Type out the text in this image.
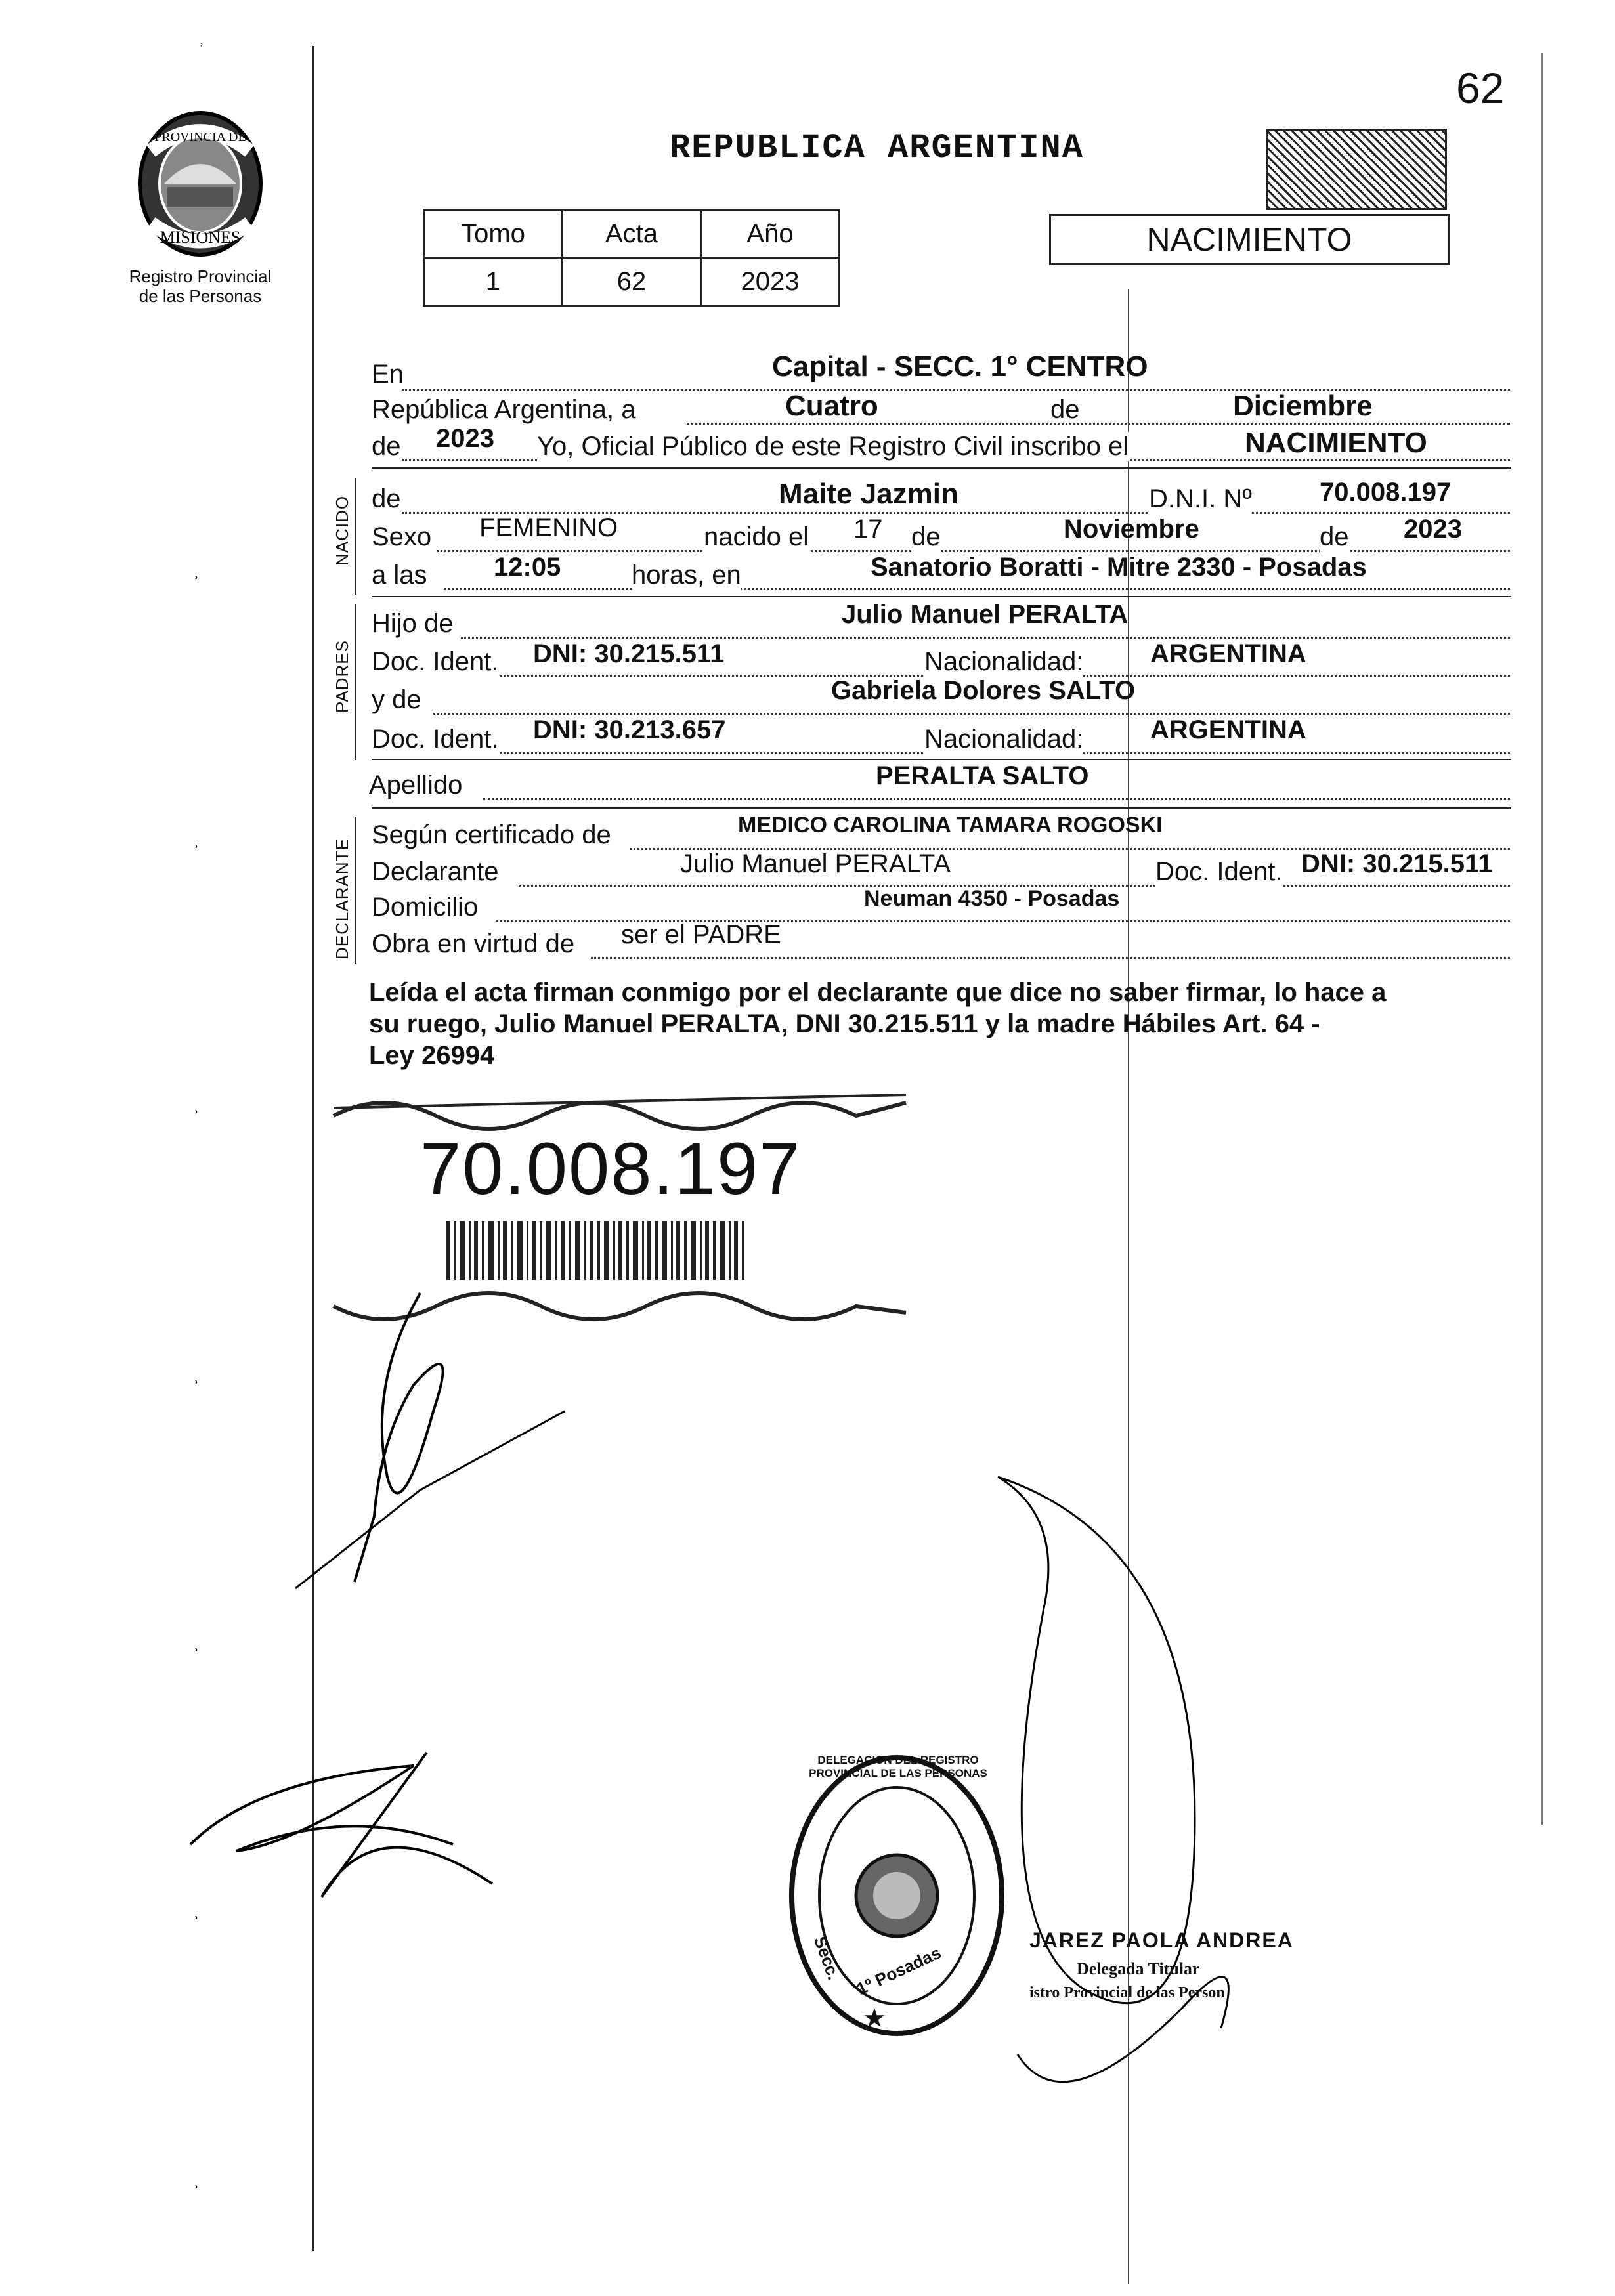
62
PROVINCIA DE
MISIONES
Registro Provincial
de las Personas
REPUBLICA ARGENTINA
Tomo	Acta	Año
1	62	2023
NACIMIENTO
En	Capital - SECC. 1° CENTRO
República Argentina, a	Cuatro	de	Diciembre
de 2023 Yo, Oficial Público de este Registro Civil inscribo el	NACIMIENTO
NACIDO de	Maite Jazmin	D.N.I. Nº	70.008.197
Sexo FEMENINO	nacido el 17 de	Noviembre	de 2023
a las	12:05	horas, en	Sanatorio Boratti - Mitre 2330 - Posadas
PADRES
Hijo de	Julio Manuel PERALTA
Doc. Ident. DNI: 30.215.511	Nacionalidad:	ARGENTINA
y de	Gabriela Dolores SALTO
Doc. Ident. DNI: 30.213.657	Nacionalidad:	ARGENTINA
Apellido	PERALTA SALTO
DECLARANTE
Según certificado de	MEDICO CAROLINA TAMARA ROGOSKI
Declarante	Julio Manuel PERALTA	Doc. Ident. DNI: 30.215.511
Domicilio	Neuman 4350 - Posadas
Obra en virtud de ser el PADRE
Leída el acta firman conmigo por el declarante que dice no saber firmar, lo hace a
su ruego, Julio Manuel PERALTA, DNI 30.215.511 y la madre Hábiles Art. 64 -
Ley 26994
70.008.197
★
DELEGACION DEL REGISTRO PROVINCIAL DE LAS PERSONAS
Secc. 1º Posadas
JAREZ PAOLA ANDREA
Delegada Titular
istro Provincial de las Person
˒
˒
˒
˒
˒
˒
˒
˒
